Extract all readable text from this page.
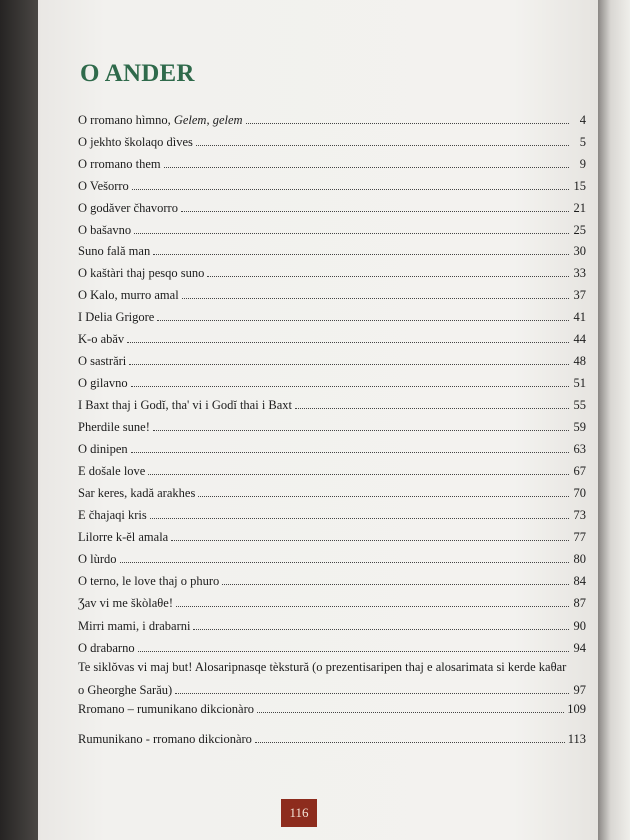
O ANDER
O rromano hìmno, Gelem, gelem	4
O jekhto školaqo dìves	5
O rromano them	9
O Vešorro	15
O godăver čhavorro	21
O bašavno	25
Suno fală man	30
O kaštàri thaj pesqo suno	33
O Kalo, murro amal	37
I Delia Grigore	41
K-o abăv	44
O sastrări	48
O gilavno	51
I Baxt thaj i Godĭ, tha' vi i Godĭ thai i Baxt	55
Pherdile sune!	59
O dinipen	63
E došale love	67
Sar keres, kadă arakhes	70
E čhajaqi kris	73
Lilorre k-ĕl amala	77
O lùrdo	80
O terno, le love thaj o phuro	84
Ʒav vi me škòlaθe!	87
Mirri mami, i drabarni	90
O drabarno	94
Te siklŏvas vi maj but! Alosaripnasqe tèkstură (o prezentisaripen thaj e alosarimata si kerde kaθar
o Gheorghe Sarău)	97
Rromano – rumunikano dikcionàro	109
Rumunikano - rromano dikcionàro	113
116
